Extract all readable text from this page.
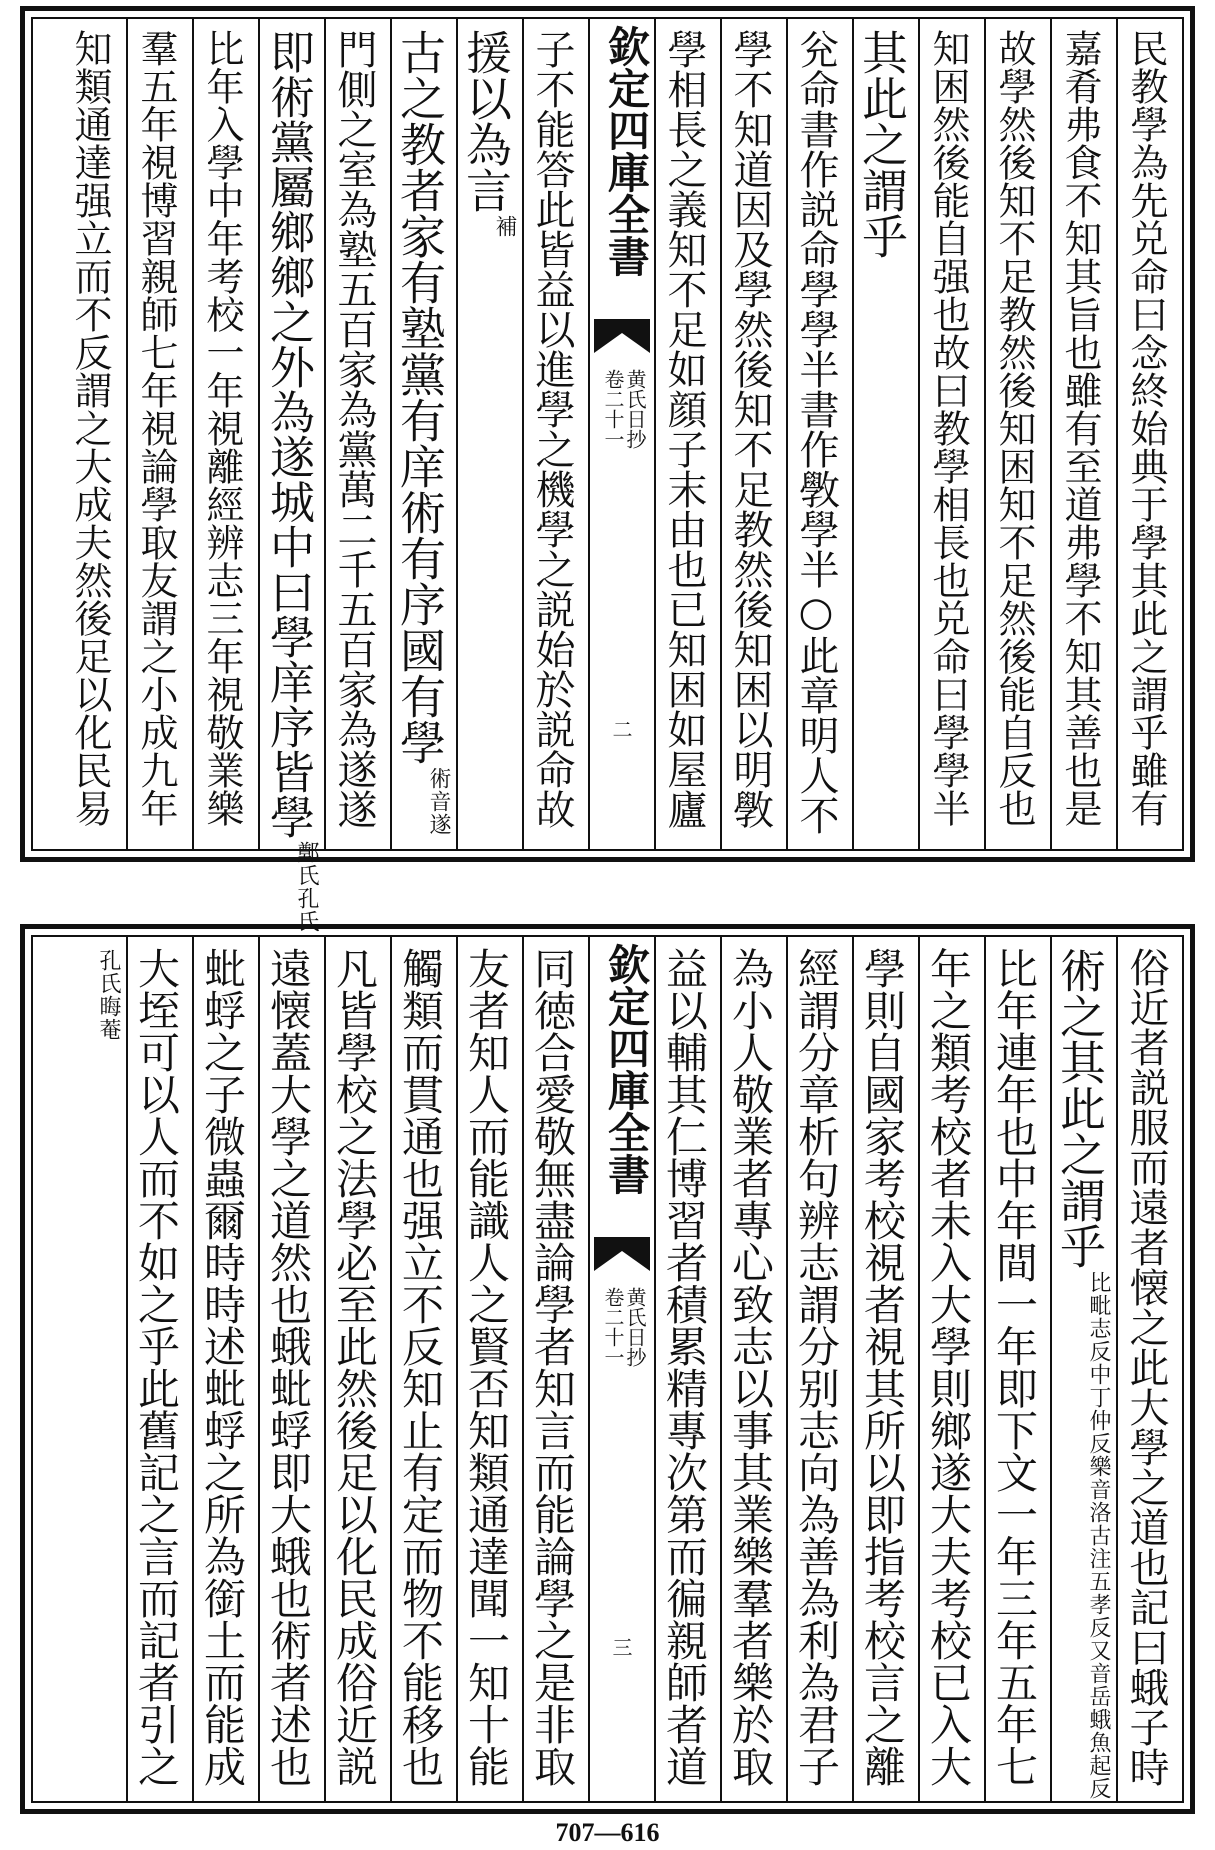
民教學為先兑命曰念終始典于學其此之謂乎雖有
嘉肴弗食不知其旨也雖有至道弗學不知其善也是
故學然後知不足教然後知困知不足然後能自反也
知困然後能自强也故曰教學相長也兑命曰學學半
其此之謂乎
兊命書作説命學學半書作斆學半○此章明人不
學不知道因及學然後知不足教然後知困以明斆
學相長之義知不足如顔子末由也已知困如屋廬
欽定四庫全書
黄氏日抄
卷二十一
二
子不能答此皆益以進學之機學之説始於説命故
援以為言
補
古之教者家有塾黨有庠術有序國有學
術音遂
門側之室為塾五百家為黨萬二千五百家為遂遂
即術黨屬鄉鄉之外為遂城中曰學庠序皆學
鄭氏孔氏
比年入學中年考校一年視離經辨志三年視敬業樂
羣五年視博習親師七年視論學取友謂之小成九年
知類通達强立而不反謂之大成夫然後足以化民易
俗近者説服而遠者懐之此大學之道也記曰蛾子時
術之其此之謂乎
比毗志反中丁仲反樂音洛古注五孝反又音岳蛾魚起反
比年連年也中年間一年即下文一年三年五年七
年之類考校者未入大學則鄉遂大夫考校已入大
學則自國家考校視者視其所以即指考校言之離
經謂分章析句辨志謂分别志向為善為利為君子
為小人敬業者專心致志以事其業樂羣者樂於取
益以輔其仁博習者積累精專次第而徧親師者道
欽定四庫全書
黄氏日抄
卷二十一
三
同徳合愛敬無盡論學者知言而能論學之是非取
友者知人而能識人之賢否知類通達聞一知十能
觸類而貫通也强立不反知止有定而物不能移也
凡皆學校之法學必至此然後足以化民成俗近説
遠懐蓋大學之道然也蛾蚍蜉即大蛾也術者述也
蚍蜉之子微蟲爾時時述蚍蜉之所為銜土而能成
大垤可以人而不如之乎此舊記之言而記者引之
孔氏晦菴
707—616
